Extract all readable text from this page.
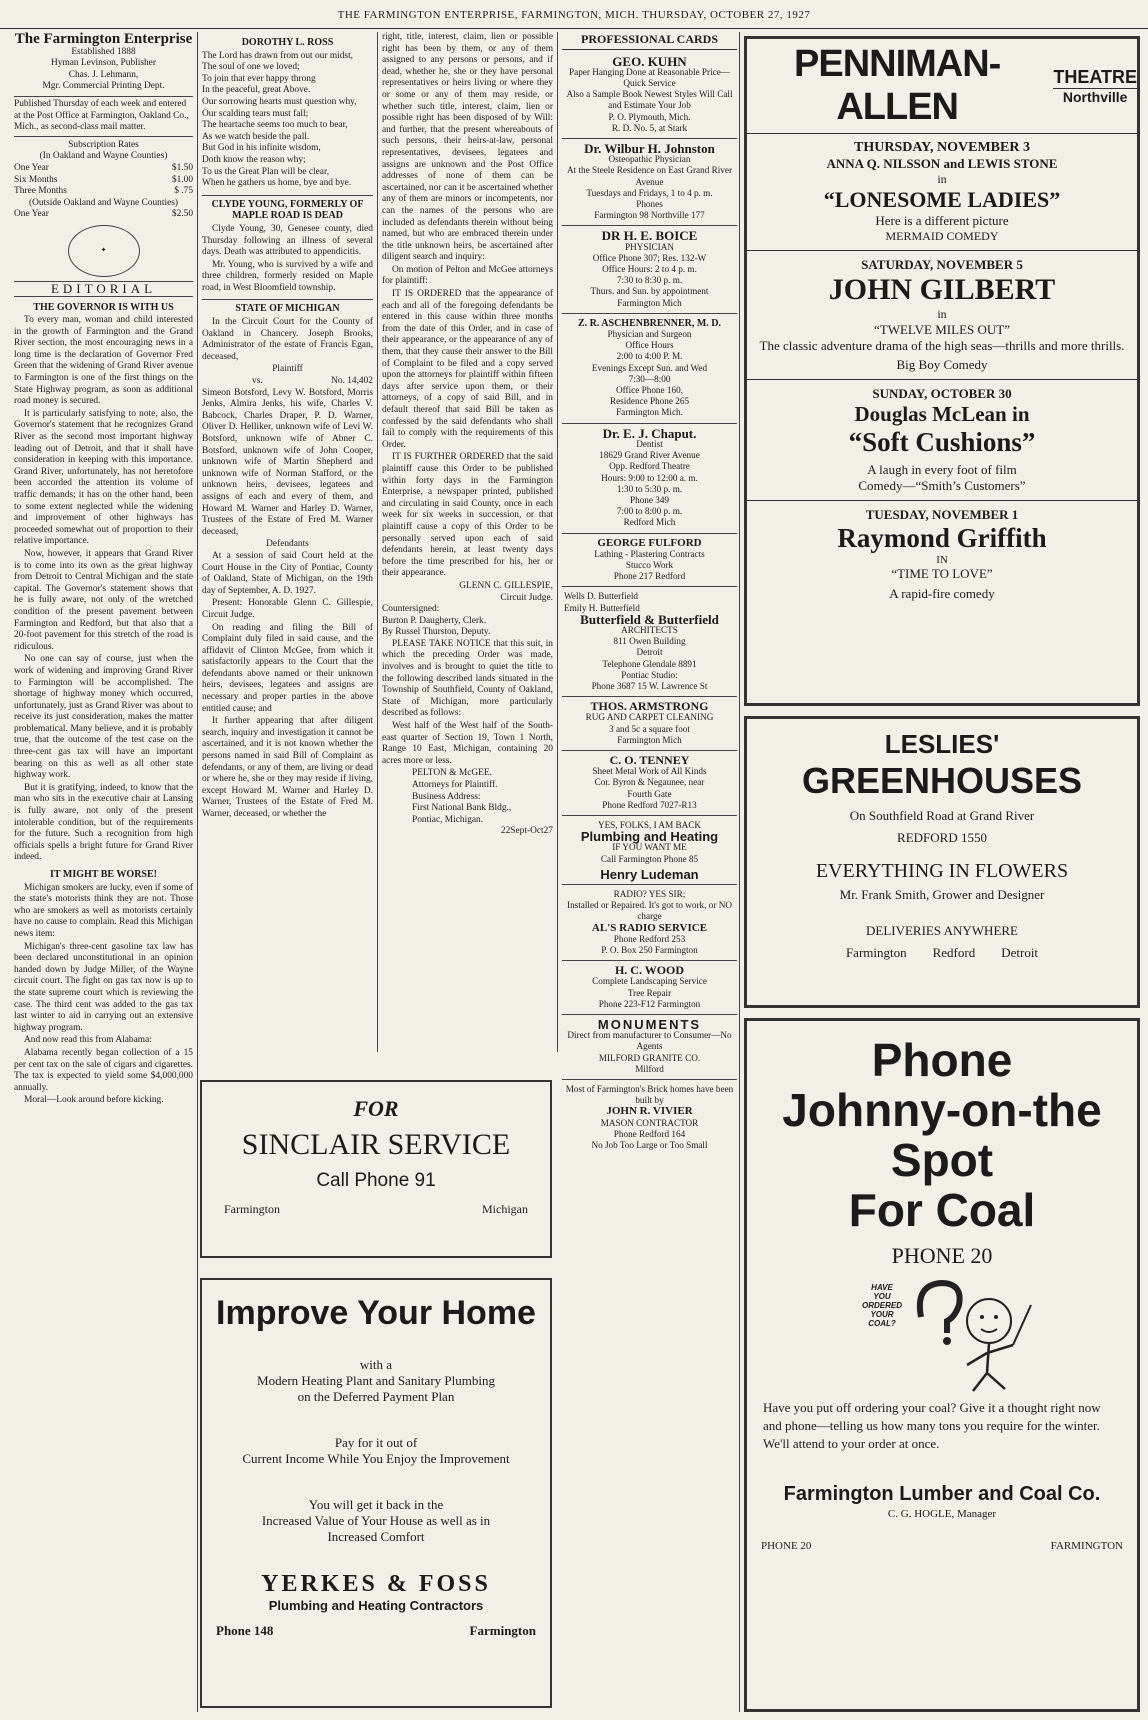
THE FARMINGTON ENTERPRISE, FARMINGTON, MICH. THURSDAY, OCTOBER 27, 1927
The Farmington Enterprise
Established 1888
Hyman Levinson, Publisher
Chas. J. Lehmann,
Mgr. Commercial Printing Dept.
Published Thursday of each week and entered at the Post Office at Farmington, Oakland Co., Mich., as second-class mail matter.
Subscription Rates
(In Oakland and Wayne Counties)
One Year	$1.50
Six Months	$1.00
Three Months	$ .75
(Outside Oakland and Wayne Counties)
One Year	$2.50
✦
EDITORIAL
THE GOVERNOR IS WITH US

To every man, woman and child interested in the growth of Farmington and the Grand River section, the most encouraging news in a long time is the declaration of Governor Fred Green that the widening of Grand River avenue to Farmington is one of the first things on the State Highway program, as soon as additional road money is secured.

It is particularly satisfying to note, also, the Governor's statement that he recognizes Grand River as the second most important highway leading out of Detroit, and that it shall have consideration in keeping with this importance. Grand River, unfortunately, has not heretofore been accorded the attention its volume of traffic demands; it has on the other hand, been to some extent neglected while the widening and improvement of other highways has proceeded somewhat out of proportion to their relative importance.

Now, however, it appears that Grand River is to come into its own as the great highway from Detroit to Central Michigan and the state capital. The Governor's statement shows that he is fully aware, not only of the wretched condition of the present pavement between Farmington and Redford, but that also that a 20-foot pavement for this stretch of the road is ridiculous.

No one can say of course, just when the work of widening and improving Grand River to Farmington will be accomplished. The shortage of highway money which occurred, unfortunately, just as Grand River was about to receive its just consideration, makes the matter problematical. Many believe, and it is probably true, that the outcome of the test case on the three-cent gas tax will have an important bearing on this as well as all other state highway work.

But it is gratifying, indeed, to know that the man who sits in the executive chair at Lansing is fully aware, not only of the present intolerable condition, but of the requirements for the future. Such a recognition from high officials spells a bright future for Grand River indeed.

IT MIGHT BE WORSE!

Michigan smokers are lucky, even if some of the state's motorists think they are not. Those who are smokers as well as motorists certainly have no cause to complain. Read this Michigan news item:

Michigan's three-cent gasoline tax law has been declared unconstitutional in an opinion handed down by Judge Miller, of the Wayne circuit court. The fight on gas tax now is up to the state supreme court which is reviewing the case. The third cent was added to the gas tax last winter to aid in carrying out an extensive highway program.

And now read this from Alabama:

Alabama recently began collection of a 15 per cent tax on the sale of cigars and cigarettes. The tax is expected to yield some $4,000,000 annually.

Moral—Look around before kicking.

DOROTHY L. ROSS
The Lord has drawn from out our midst,
The soul of one we loved;
To join that ever happy throng
In the peaceful, great Above.
Our sorrowing hearts must question why,
Our scalding tears must fall;
The heartache seems too much to bear,
As we watch beside the pall.
But God in his infinite wisdom,
Doth know the reason why;
To us the Great Plan will be clear,
When he gathers us home, bye and bye.
CLYDE YOUNG, FORMERLY OF MAPLE ROAD IS DEAD

Clyde Young, 30, Genesee county, died Thursday following an illness of several days. Death was attributed to appendicitis.

Mr. Young, who is survived by a wife and three children, formerly resided on Maple road, in West Bloomfield township.

STATE OF MICHIGAN

In the Circuit Court for the County of Oakland in Chancery. Joseph Brooks, Administrator of the estate of Francis Egan, deceased,

Plaintiff
vs.	No. 14,402

Simeon Botsford, Levy W. Botsford, Morris Jenks, Almira Jenks, his wife, Charles V. Babcock, Charles Draper, P. D. Warner, Oliver D. Helliker, unknown wife of Levi W. Botsford, unknown wife of Abner C. Botsford, unknown wife of John Cooper, unknown wife of Martin Shepherd and unknown wife of Norman Stafford, or the unknown heirs, devisees, legatees and assigns of each and every of them, and Howard M. Warner and Harley D. Warner, Trustees of the Estate of Fred M. Warner deceased,

Defendants

At a session of said Court held at the Court House in the City of Pontiac, County of Oakland, State of Michigan, on the 19th day of September, A. D. 1927.

Present: Honorable Glenn C. Gillespie, Circuit Judge.

On reading and filing the Bill of Complaint duly filed in said cause, and the affidavit of Clinton McGee, from which it satisfactorily appears to the Court that the defendants above named or their unknown heirs, devisees, legatees and assigns are necessary and proper parties in the above entitled cause; and

It further appearing that after diligent search, inquiry and investigation it cannot be ascertained, and it is not known whether the persons named in said Bill of Complaint as defendants, or any of them, are living or dead or where he, she or they may reside if living, except Howard M. Warner and Harley D. Warner, Trustees of the Estate of Fred M. Warner, deceased, or whether the

right, title, interest, claim, lien or possible right has been by them, or any of them assigned to any persons or persons, and if dead, whether he, she or they have personal representatives or heirs living or where they or some or any of them may reside, or whether such title, interest, claim, lien or possible right has been disposed of by Will: and further, that the present whereabouts of such persons, their heirs-at-law, personal representatives, devisees, legatees and assigns are unknown and the Post Office addresses of none of them can be ascertained, nor can it be ascertained whether any of them are minors or incompetents, nor can the names of the persons who are included as defendants therein without being named, but who are embraced therein under the title unknown heirs, be ascertained after diligent search and inquiry:

On motion of Pelton and McGee attorneys for plaintiff:

IT IS ORDERED that the appearance of each and all of the foregoing defendants be entered in this cause within three months from the date of this Order, and in case of their appearance, or the appearance of any of them, that they cause their answer to the Bill of Complaint to be filed and a copy served upon the attorneys for plaintiff within fifteen days after service upon them, or their attorneys, of a copy of said Bill, and in default thereof that said Bill be taken as confessed by the said defendants who shall fail to comply with the requirements of this Order.

IT IS FURTHER ORDERED that the said plaintiff cause this Order to be published within forty days in the Farmington Enterprise, a newspaper printed, published and circulating in said County, once in each week for six weeks in succession, or that plaintiff cause a copy of this Order to be personally served upon each of said defendants herein, at least twenty days before the time prescribed for his, her or their appearance.

GLENN C. GILLESPIE,
Circuit Judge.
Countersigned:
Burton P. Daugherty, Clerk.
By Russel Thurston, Deputy.

PLEASE TAKE NOTICE that this suit, in which the preceding Order was made, involves and is brought to quiet the title to the following described lands situated in the Township of Southfield, County of Oakland, State of Michigan, more particularly described as follows:

West half of the West half of the South-east quarter of Section 19, Town 1 North, Range 10 East, Michigan, containing 20 acres more or less.

PELTON & McGEE.
Attorneys for Plaintiff.
Business Address:
First National Bank Bldg.,
Pontiac, Michigan.
22Sept-Oct27
FOR
SINCLAIR SERVICE
Call Phone 91
Farmington	Michigan
Improve Your Home
with a
Modern Heating Plant and Sanitary Plumbing
on the Deferred Payment Plan
Pay for it out of
Current Income While You Enjoy the Improvement
You will get it back in the
Increased Value of Your House as well as in
Increased Comfort
YERKES & FOSS
Plumbing and Heating Contractors
Phone 148	Farmington
PROFESSIONAL CARDS
GEO. KUHN
Paper Hanging Done at Reasonable Price— Quick Service
Also a Sample Book Newest Styles Will Call and Estimate Your Job
P. O. Plymouth, Mich.
R. D. No. 5, at Stark
Dr. Wilbur H. Johnston
Osteopathic Physician
At the Steele Residence on East Grand River Avenue
Tuesdays and Fridays, 1 to 4 p. m.
Phones
Farmington 98 Northville 177
DR H. E. BOICE
PHYSICIAN
Office Phone 307; Res. 132-W
Office Hours: 2 to 4 p. m.
7:30 to 8:30 p. m.
Thurs. and Sun. by appointment
Farmington Mich
Z. R. ASCHENBRENNER, M. D.
Physician and Surgeon
Office Hours
2:00 to 4:00 P. M.
Evenings Except Sun. and Wed
7:30—8:00
Office Phone 160,
Residence Phone 265
Farmington Mich.
Dr. E. J. Chaput.
Dentist
18629 Grand River Avenue
Opp. Redford Theatre
Hours: 9:00 to 12:00 a. m.
1:30 to 5:30 p. m.
Phone 349
7:00 to 8:00 p. m.
Redford Mich
GEORGE FULFORD
Lathing - Plastering Contracts
Stucco Work
Phone 217 Redford
Wells D. Butterfield
Emily H. Butterfield
Butterfield & Butterfield
ARCHITECTS
811 Owen Building
Detroit
Telephone Glendale 8891
Pontiac Studio:
Phone 3687 15 W. Lawrence St
THOS. ARMSTRONG
RUG AND CARPET CLEANING
3 and 5c a square foot
Farmington Mich
C. O. TENNEY
Sheet Metal Work of All Kinds
Cor. Byron & Negaunee, near
Fourth Gate
Phone Redford 7027-R13
YES, FOLKS, I AM BACK
Plumbing and Heating
IF YOU WANT ME
Call Farmington Phone 85
Henry Ludeman
RADIO? YES SIR;
Installed or Repaired. It's got to work, or NO charge
AL'S RADIO SERVICE
Phone Redford 253
P. O. Box 250 Farmington
H. C. WOOD
Complete Landscaping Service
Tree Repair
Phone 223-F12 Farmington
MONUMENTS
Direct from manufacturer to Consumer—No Agents
MILFORD GRANITE CO.
Milford
Most of Farmington's Brick homes have been built by
JOHN R. VIVIER
MASON CONTRACTOR
Phone Redford 164
No Job Too Large or Too Small
PENNIMAN-ALLEN
THEATRE
Northville
THURSDAY, NOVEMBER 3
ANNA Q. NILSSON and LEWIS STONE
in
“LONESOME LADIES”
Here is a different picture
MERMAID COMEDY
SATURDAY, NOVEMBER 5
JOHN GILBERT
in
“TWELVE MILES OUT”
The classic adventure drama of the high seas—thrills and more thrills.
Big Boy Comedy
SUNDAY, OCTOBER 30
Douglas McLean in
“Soft Cushions”
A laugh in every foot of film
Comedy—“Smith’s Customers”
TUESDAY, NOVEMBER 1
Raymond Griffith
IN
“TIME TO LOVE”
A rapid-fire comedy
LESLIES'
GREENHOUSES
On Southfield Road at Grand River
REDFORD 1550
EVERYTHING IN FLOWERS
Mr. Frank Smith, Grower and Designer
DELIVERIES ANYWHERE
Farmington Redford Detroit
Phone
Johnny-on-the
Spot
For Coal
PHONE 20
HAVE
YOU
ORDERED
YOUR
COAL?
Have you put off ordering your coal? Give it a thought right now and phone—telling us how many tons you require for the winter. We'll attend to your order at once.
Farmington Lumber and Coal Co.
C. G. HOGLE, Manager
PHONE 20	FARMINGTON
